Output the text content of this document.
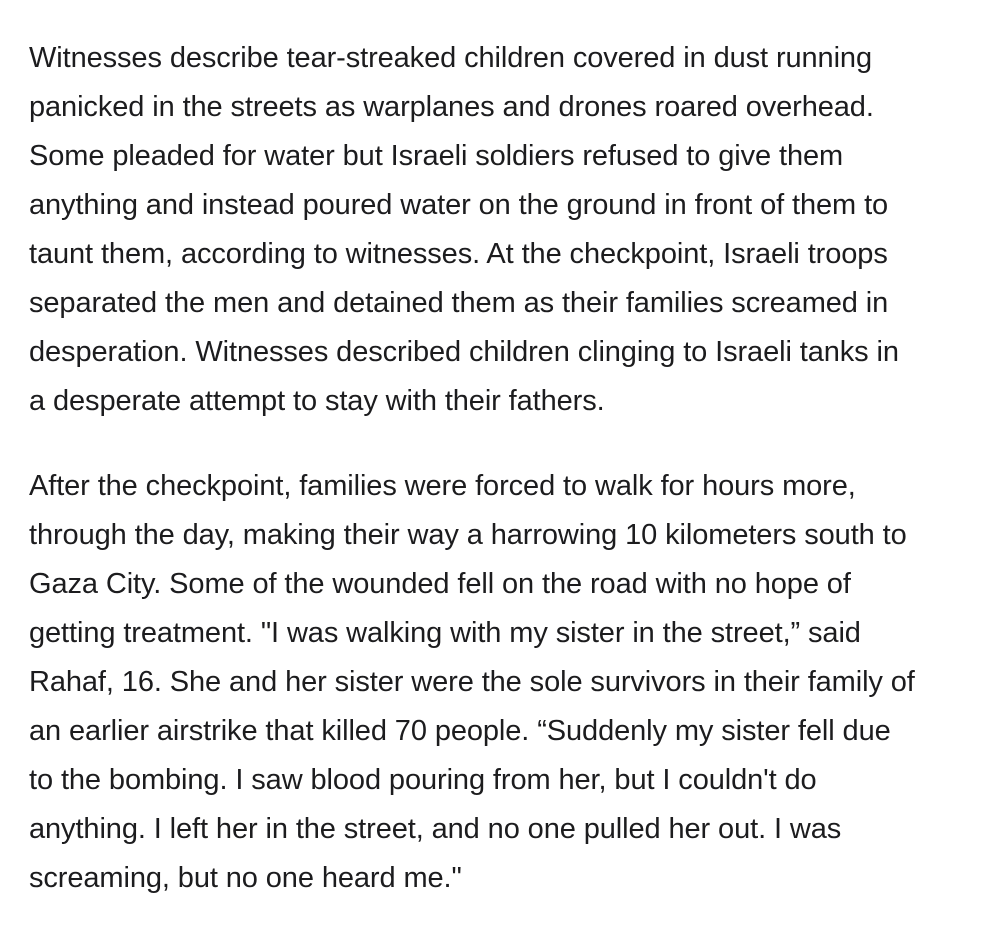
Witnesses describe tear-streaked children covered in dust running
panicked in the streets as warplanes and drones roared overhead.
Some pleaded for water but Israeli soldiers refused to give them
anything and instead poured water on the ground in front of them to
taunt them, according to witnesses. At the checkpoint, Israeli troops
separated the men and detained them as their families screamed in
desperation. Witnesses described children clinging to Israeli tanks in
a desperate attempt to stay with their fathers.

After the checkpoint, families were forced to walk for hours more,
through the day, making their way a harrowing 10 kilometers south to
Gaza City. Some of the wounded fell on the road with no hope of
getting treatment. "I was walking with my sister in the street,” said
Rahaf, 16. She and her sister were the sole survivors in their family of
an earlier airstrike that killed 70 people. “Suddenly my sister fell due
to the bombing. I saw blood pouring from her, but I couldn't do
anything. I left her in the street, and no one pulled her out. I was
screaming, but no one heard me."
